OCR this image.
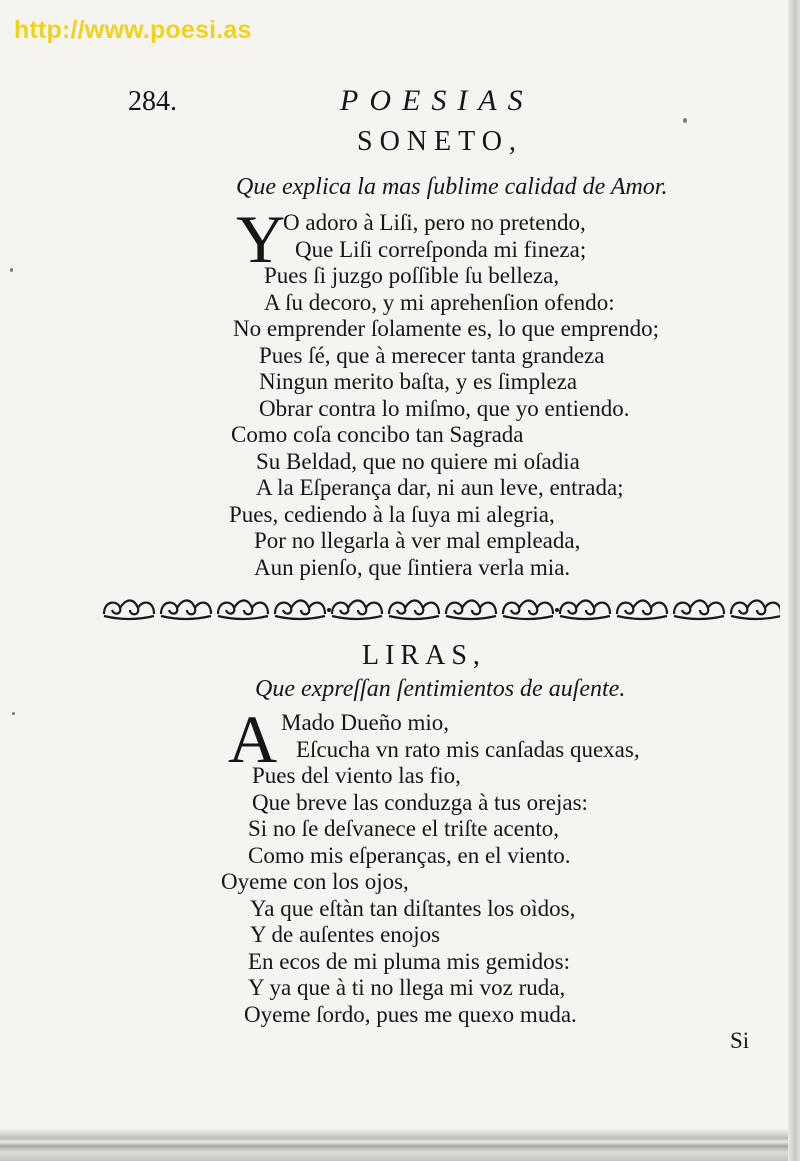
http://www.poesi.as
284.	POESIAS
SONETO,
Que explica la mas ſublime calidad de Amor.
Y
O adoro à Liſi, pero no pretendo,
Que Liſi correſponda mi fineza;
Pues ſi juzgo poſſible ſu belleza,
A ſu decoro, y mi aprehenſion ofendo:
No emprender ſolamente es, lo que emprendo;
Pues ſé, que à merecer tanta grandeza
Ningun merito baſta, y es ſimpleza
Obrar contra lo miſmo, que yo entiendo.
Como coſa concibo tan Sagrada
Su Beldad, que no quiere mi oſadia
A la Eſperança dar, ni aun leve, entrada;
Pues, cediendo à la ſuya mi alegria,
Por no llegarla à ver mal empleada,
Aun pienſo, que ſintiera verla mia.
LIRAS,
Que expreſſan ſentimientos de auſente.
A Mado Dueño mio,
Eſcucha vn rato mis canſadas quexas,
Pues del viento las fio,
Que breve las conduzga à tus orejas:
Si no ſe deſvanece el triſte acento,
Como mis eſperanças, en el viento.
Oyeme con los ojos,
Ya que eſtàn tan diſtantes los oìdos,
Y de auſentes enojos
En ecos de mi pluma mis gemidos:
Y ya que à ti no llega mi voz ruda,
Oyeme ſordo, pues me quexo muda.
Si
